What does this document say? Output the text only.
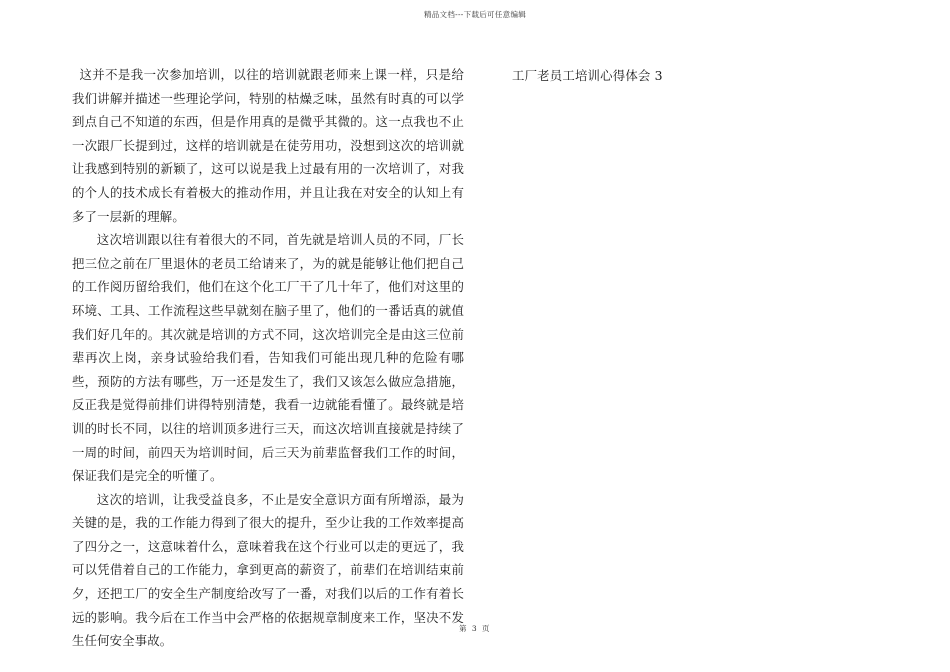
精品文档---下载后可任意编辑

这并不是我一次参加培训，以往的培训就跟老师来上课一样，只是给我们讲解并描述一些理论学问，特别的枯燥乏味，虽然有时真的可以学到点自己不知道的东西，但是作用真的是微乎其微的。这一点我也不止一次跟厂长提到过，这样的培训就是在徒劳用功，没想到这次的培训就让我感到特别的新颖了，这可以说是我上过最有用的一次培训了，对我的个人的技术成长有着极大的推动作用，并且让我在对安全的认知上有多了一层新的理解。

这次培训跟以往有着很大的不同，首先就是培训人员的不同，厂长把三位之前在厂里退休的老员工给请来了，为的就是能够让他们把自己的工作阅历留给我们，他们在这个化工厂干了几十年了，他们对这里的环境、工具、工作流程这些早就刻在脑子里了，他们的一番话真的就值我们好几年的。其次就是培训的方式不同，这次培训完全是由这三位前辈再次上岗，亲身试验给我们看，告知我们可能出现几种的危险有哪些，预防的方法有哪些，万一还是发生了，我们又该怎么做应急措施，反正我是觉得前排们讲得特别清楚，我看一边就能看懂了。最终就是培训的时长不同，以往的培训顶多进行三天，而这次培训直接就是持续了一周的时间，前四天为培训时间，后三天为前辈监督我们工作的时间，保证我们是完全的听懂了。

这次的培训，让我受益良多，不止是安全意识方面有所增添，最为关键的是，我的工作能力得到了很大的提升，至少让我的工作效率提高了四分之一，这意味着什么，意味着我在这个行业可以走的更远了，我可以凭借着自己的工作能力，拿到更高的薪资了，前辈们在培训结束前夕，还把工厂的安全生产制度给改写了一番，对我们以后的工作有着长远的影响。我今后在工作当中会严格的依据规章制度来工作，坚决不发生任何安全事故。

工厂老员工培训心得体会 3
第 3 页
